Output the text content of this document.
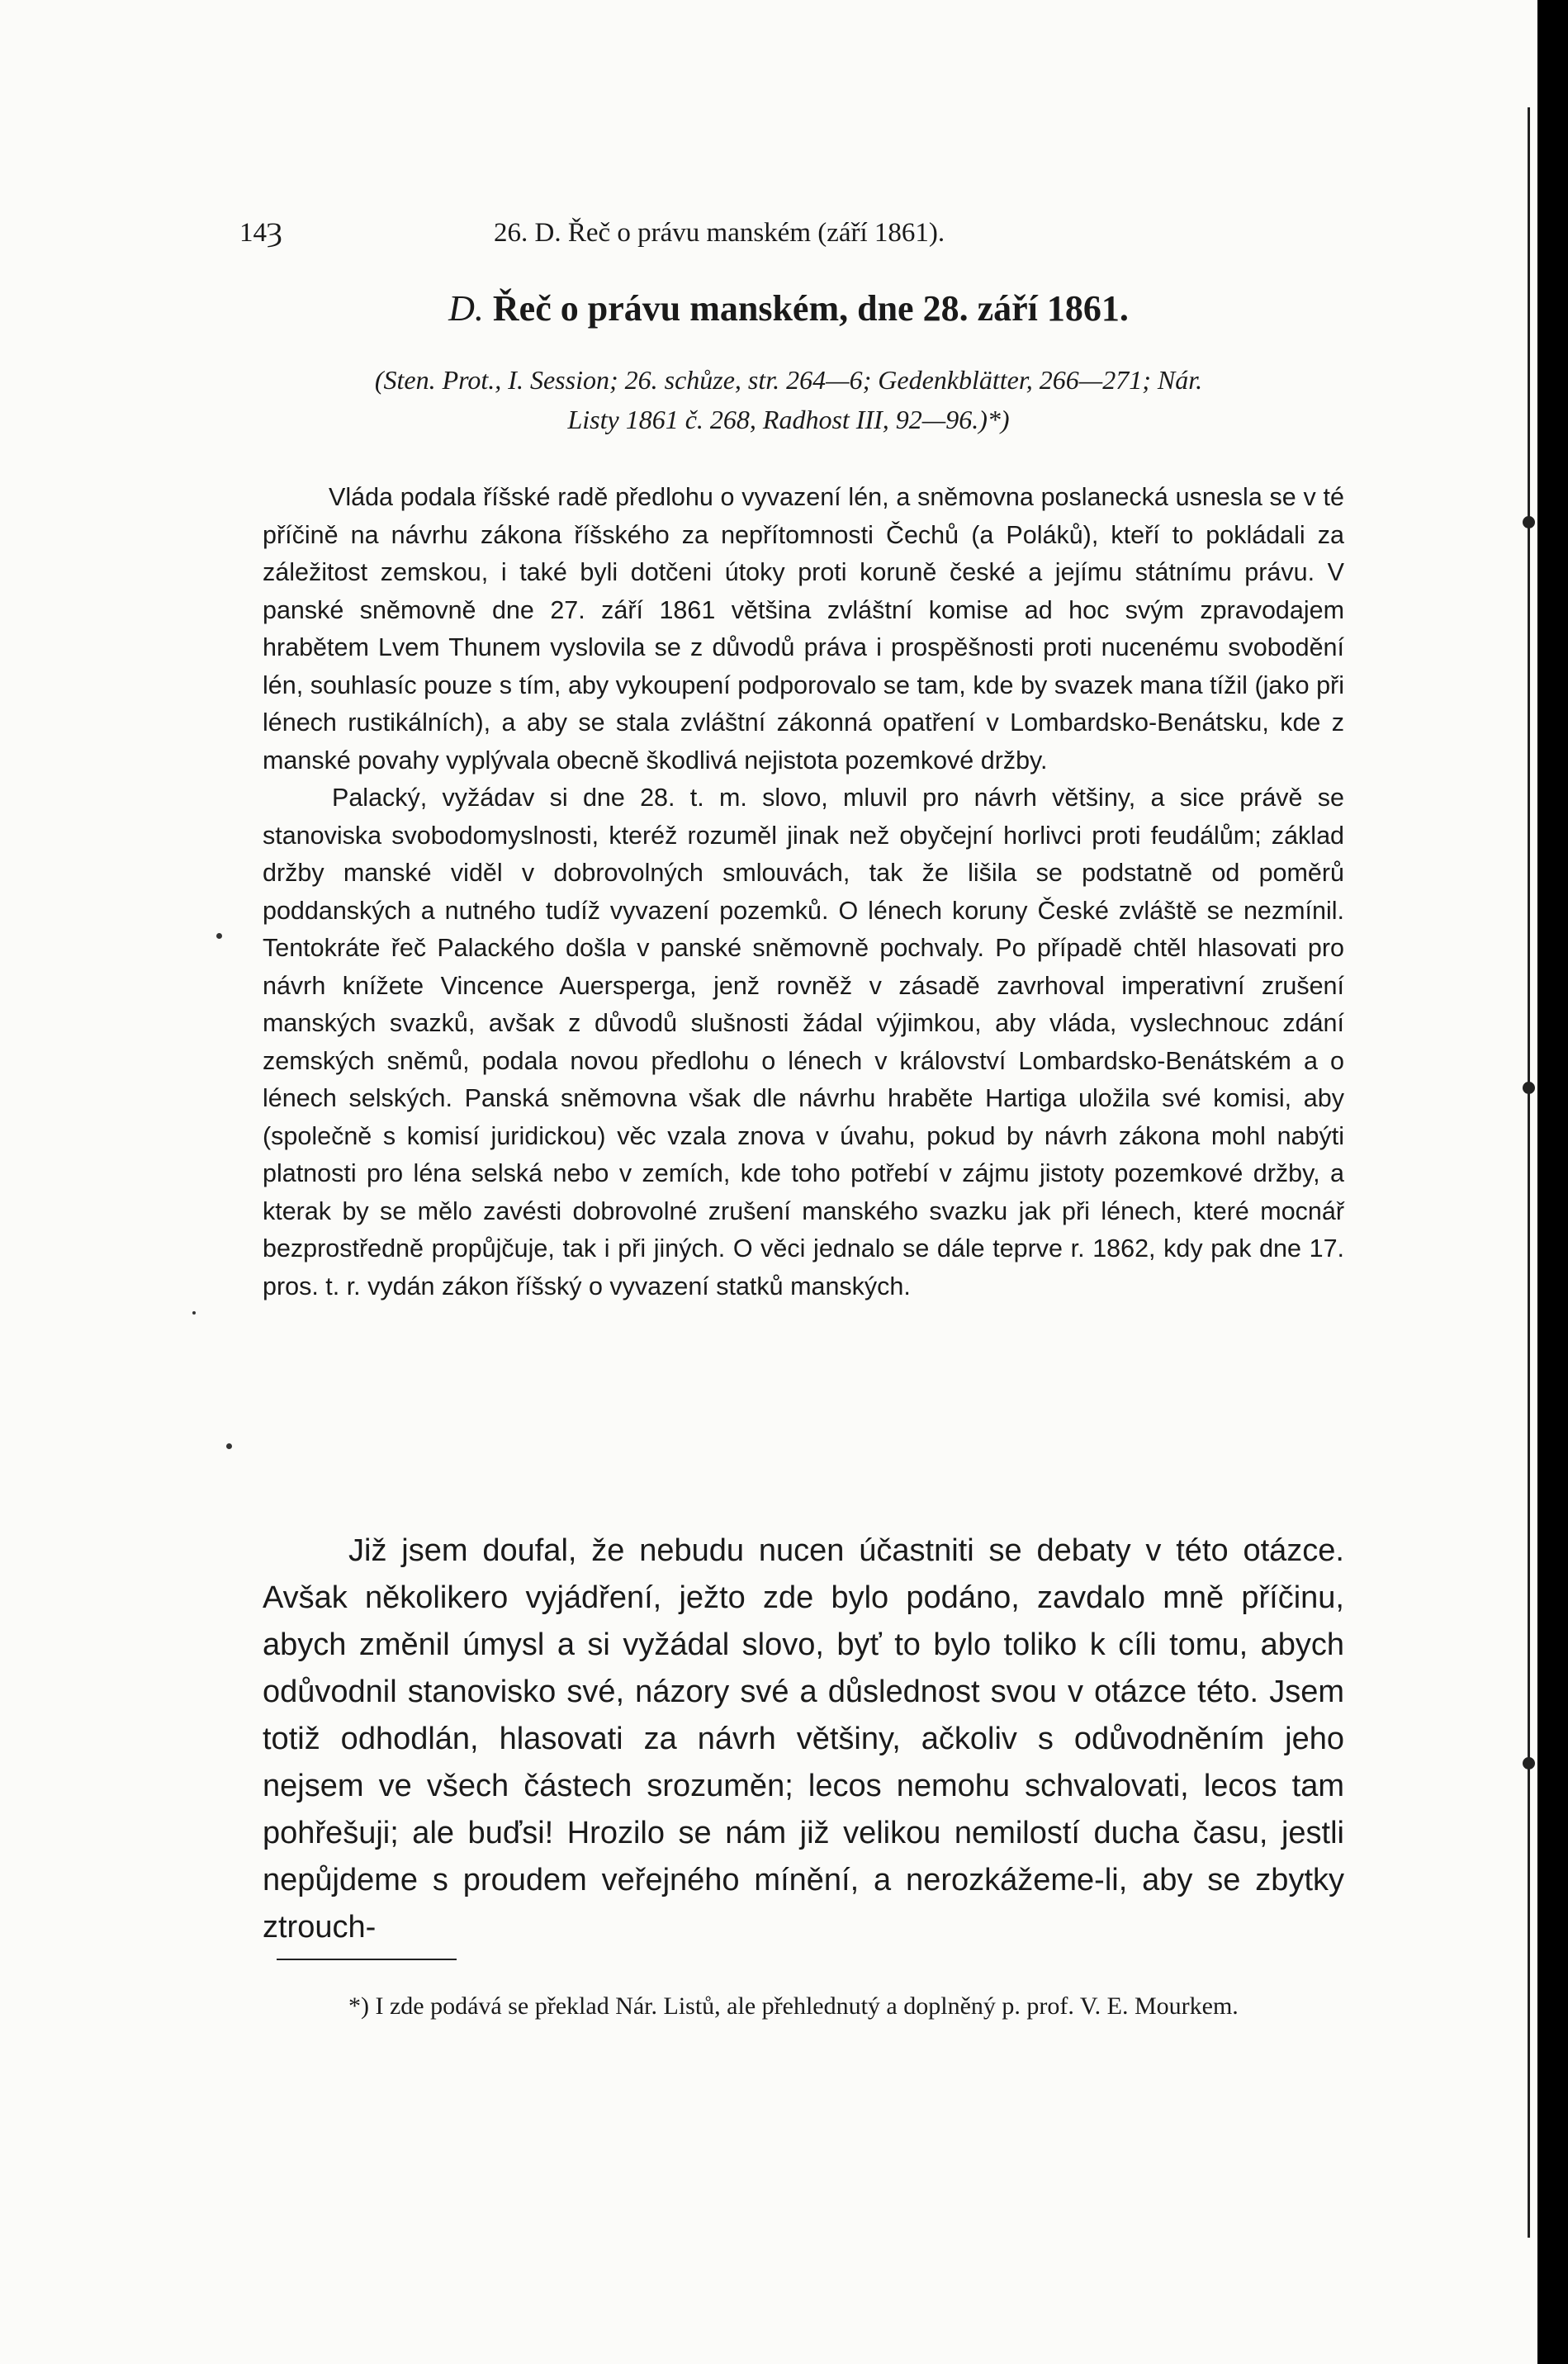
14Ȝ	26. D. Řeč o právu manském (září 1861).
D. Řeč o právu manském, dne 28. září 1861.
(Sten. Prot., I. Session; 26. schůze, str. 264—6; Gedenkblätter, 266—271; Nár.
Listy 1861 č. 268, Radhost III, 92—96.)*)

Vláda podala říšské radě předlohu o vyvazení lén, a sněmovna poslanecká usnesla se v té příčině na návrhu zákona říšského za nepřítomnosti Čechů (a Poláků), kteří to pokládali za záležitost zemskou, i také byli dotčeni útoky proti koruně české a jejímu státnímu právu. V panské sněmovně dne 27. září 1861 většina zvláštní komise ad hoc svým zpravodajem hrabětem Lvem Thunem vyslovila se z důvodů práva i prospěšnosti proti nucenému svobodění lén, souhlasíc pouze s tím, aby vykoupení podporovalo se tam, kde by svazek mana tížil (jako při lénech rustikálních), a aby se stala zvláštní zákonná opatření v Lombardsko-Benátsku, kde z manské povahy vyplývala obecně škodlivá nejistota pozemkové držby.

Palacký, vyžádav si dne 28. t. m. slovo, mluvil pro návrh většiny, a sice právě se stanoviska svobodomyslnosti, kteréž rozuměl jinak než obyčejní horlivci proti feudálům; základ držby manské viděl v dobrovolných smlouvách, tak že lišila se podstatně od poměrů poddanských a nutného tudíž vyvazení pozemků. O lénech koruny České zvláště se nezmínil. Tentokráte řeč Palackého došla v panské sněmovně pochvaly. Po případě chtěl hlasovati pro návrh knížete Vincence Auersperga, jenž rovněž v zásadě zavrhoval imperativní zrušení manských svazků, avšak z důvodů slušnosti žádal výjimkou, aby vláda, vyslechnouc zdání zemských sněmů, podala novou předlohu o lénech v království Lombardsko-Benátském a o lénech selských. Panská sněmovna však dle návrhu hraběte Hartiga uložila své komisi, aby (společně s komisí juridickou) věc vzala znova v úvahu, pokud by návrh zákona mohl nabýti platnosti pro léna selská nebo v zemích, kde toho potřebí v zájmu jistoty pozemkové držby, a kterak by se mělo zavésti dobrovolné zrušení manského svazku jak při lénech, které mocnář bezprostředně propůjčuje, tak i při jiných. O věci jednalo se dále teprve r. 1862, kdy pak dne 17. pros. t. r. vydán zákon říšský o vyvazení statků manských.

Již jsem doufal, že nebudu nucen účastniti se debaty v této otázce. Avšak několikero vyjádření, ježto zde bylo podáno, zavdalo mně příčinu, abych změnil úmysl a si vyžádal slovo, byť to bylo toliko k cíli tomu, abych odůvodnil stanovisko své, názory své a důslednost svou v otázce této. Jsem totiž odhodlán, hlasovati za návrh většiny, ačkoliv s odůvodněním jeho nejsem ve všech částech srozuměn; lecos nemohu schvalovati, lecos tam pohřešuji; ale buďsi! Hrozilo se nám již velikou nemilostí ducha času, jestli nepůjdeme s proudem veřejného mínění, a nerozkážeme-li, aby se zbytky ztrouch-

*) I zde podává se překlad Nár. Listů, ale přehlednutý a doplněný p. prof. V. E. Mourkem.
